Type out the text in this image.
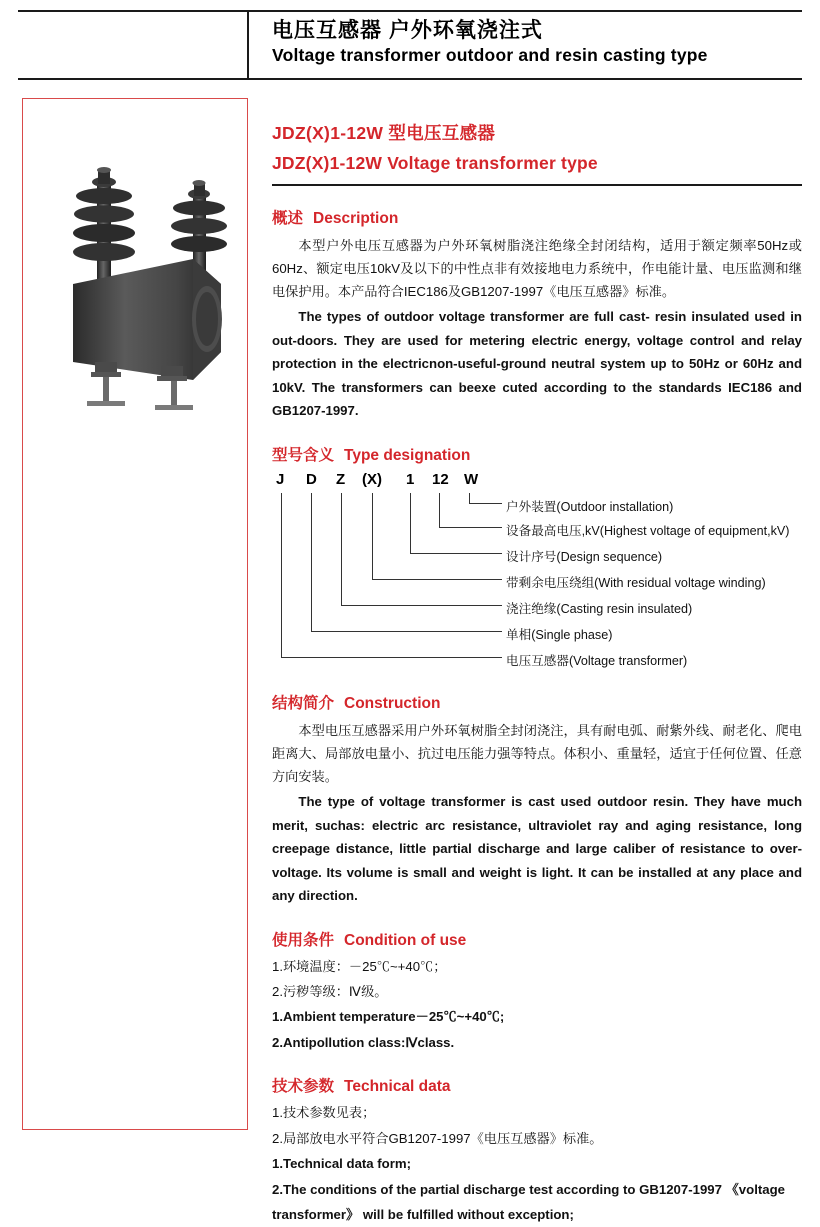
电压互感器 户外环氧浇注式
Voltage transformer outdoor and resin casting type
JDZ(X)1-12W 型电压互感器
JDZ(X)1-12W Voltage transformer type
概述 Description

本型户外电压互感器为户外环氧树脂浇注绝缘全封闭结构，适用于额定频率50Hz或60Hz、额定电压10kV及以下的中性点非有效接地电力系统中，作电能计量、电压监测和继电保护用。本产品符合IEC186及GB1207-1997《电压互感器》标准。

The types of outdoor voltage transformer are full cast- resin insulated used in out-doors. They are used for metering electric energy, voltage control and relay protection in the electricnon-useful-ground neutral system up to 50Hz or 60Hz and 10kV. The transformers can beexe cuted according to the standards IEC186 and GB1207-1997.

型号含义 Type designation
J D Z (X) 1 12 W
户外装置(Outdoor installation)
设备最高电压,kV(Highest voltage of equipment,kV)
设计序号(Design sequence)
带剩余电压绕组(With residual voltage winding)
浇注绝缘(Casting resin insulated)
单相(Single phase)
电压互感器(Voltage transformer)
结构简介 Construction

本型电压互感器采用户外环氧树脂全封闭浇注，具有耐电弧、耐紫外线、耐老化、爬电距离大、局部放电量小、抗过电压能力强等特点。体积小、重量轻，适宜于任何位置、任意方向安装。

The type of voltage transformer is cast used outdoor resin. They have much merit, suchas: electric arc resistance, ultraviolet ray and aging resistance, long creepage distance, little partial discharge and large caliber of resistance to over-voltage. Its volume is small and weight is light. It can be installed at any place and any direction.

使用条件 Condition of use
1.环境温度：－25℃~+40℃；
2.污秽等级：Ⅳ级。
1.Ambient temperature－25℃~+40℃;
2.Antipollution class:Ⅳclass.
技术参数 Technical data
1.技术参数见表；
2.局部放电水平符合GB1207-1997《电压互感器》标准。
1.Technical data form;
2.The conditions of the partial discharge test according to GB1207-1997 《voltage
transformer》 will be fulfilled without exception;
